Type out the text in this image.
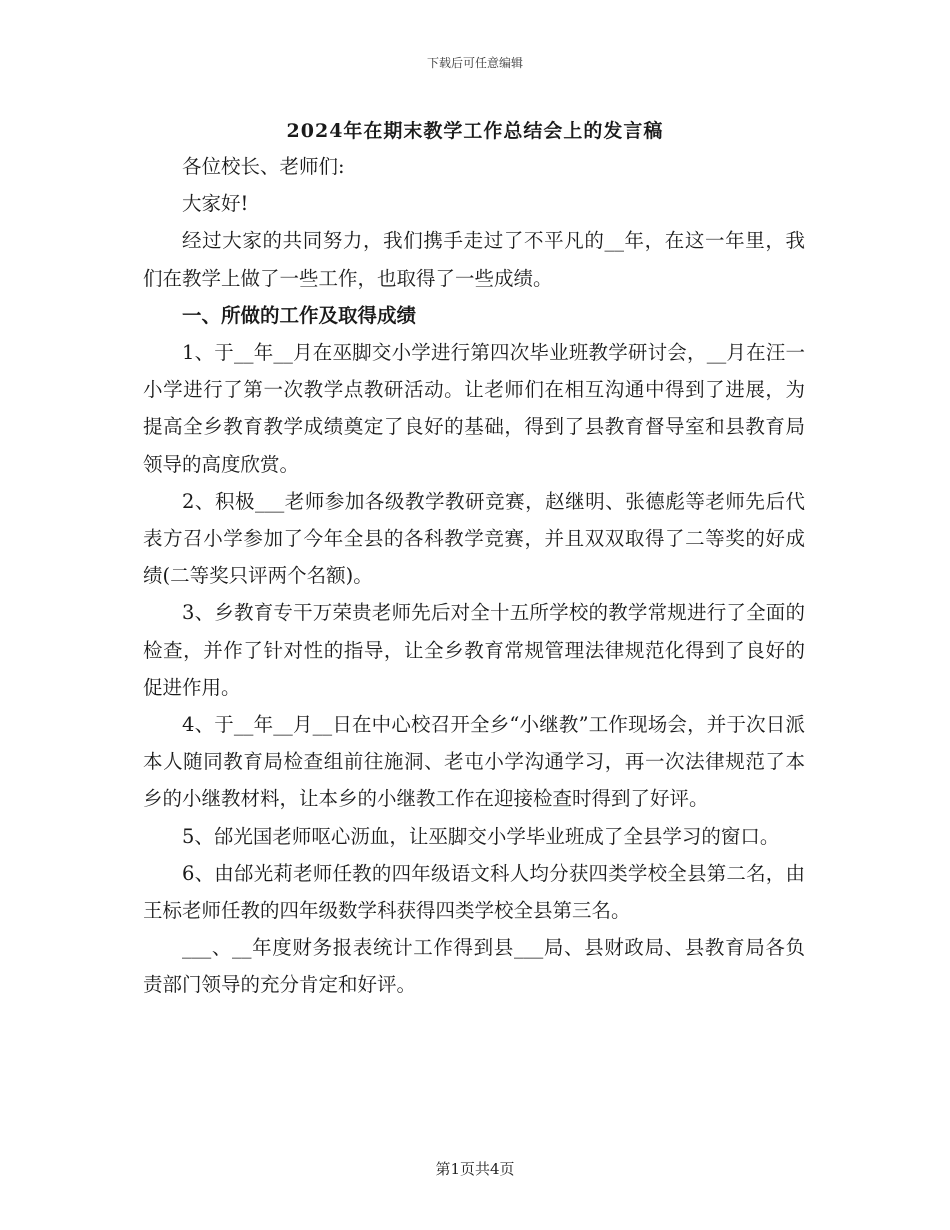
下载后可任意编辑
2024年在期末教学工作总结会上的发言稿

各位校长、老师们:

大家好!

经过大家的共同努力，我们携手走过了不平凡的__年，在这一年里，我们在教学上做了一些工作，也取得了一些成绩。

一、所做的工作及取得成绩

1、于__年__月在巫脚交小学进行第四次毕业班教学研讨会，__月在汪一小学进行了第一次教学点教研活动。让老师们在相互沟通中得到了进展，为提高全乡教育教学成绩奠定了良好的基础，得到了县教育督导室和县教育局领导的高度欣赏。

2、积极___老师参加各级教学教研竞赛，赵继明、张德彪等老师先后代表方召小学参加了今年全县的各科教学竞赛，并且双双取得了二等奖的好成绩(二等奖只评两个名额)。

3、乡教育专干万荣贵老师先后对全十五所学校的教学常规进行了全面的检查，并作了针对性的指导，让全乡教育常规管理法律规范化得到了良好的促进作用。

4、于__年__月__日在中心校召开全乡“小继教”工作现场会，并于次日派本人随同教育局检查组前往施洞、老屯小学沟通学习，再一次法律规范了本乡的小继教材料，让本乡的小继教工作在迎接检查时得到了好评。

5、邰光国老师呕心沥血，让巫脚交小学毕业班成了全县学习的窗口。

6、由邰光莉老师任教的四年级语文科人均分获四类学校全县第二名，由王标老师任教的四年级数学科获得四类学校全县第三名。

___、__年度财务报表统计工作得到县___局、县财政局、县教育局各负责部门领导的充分肯定和好评。

第1页共4页
